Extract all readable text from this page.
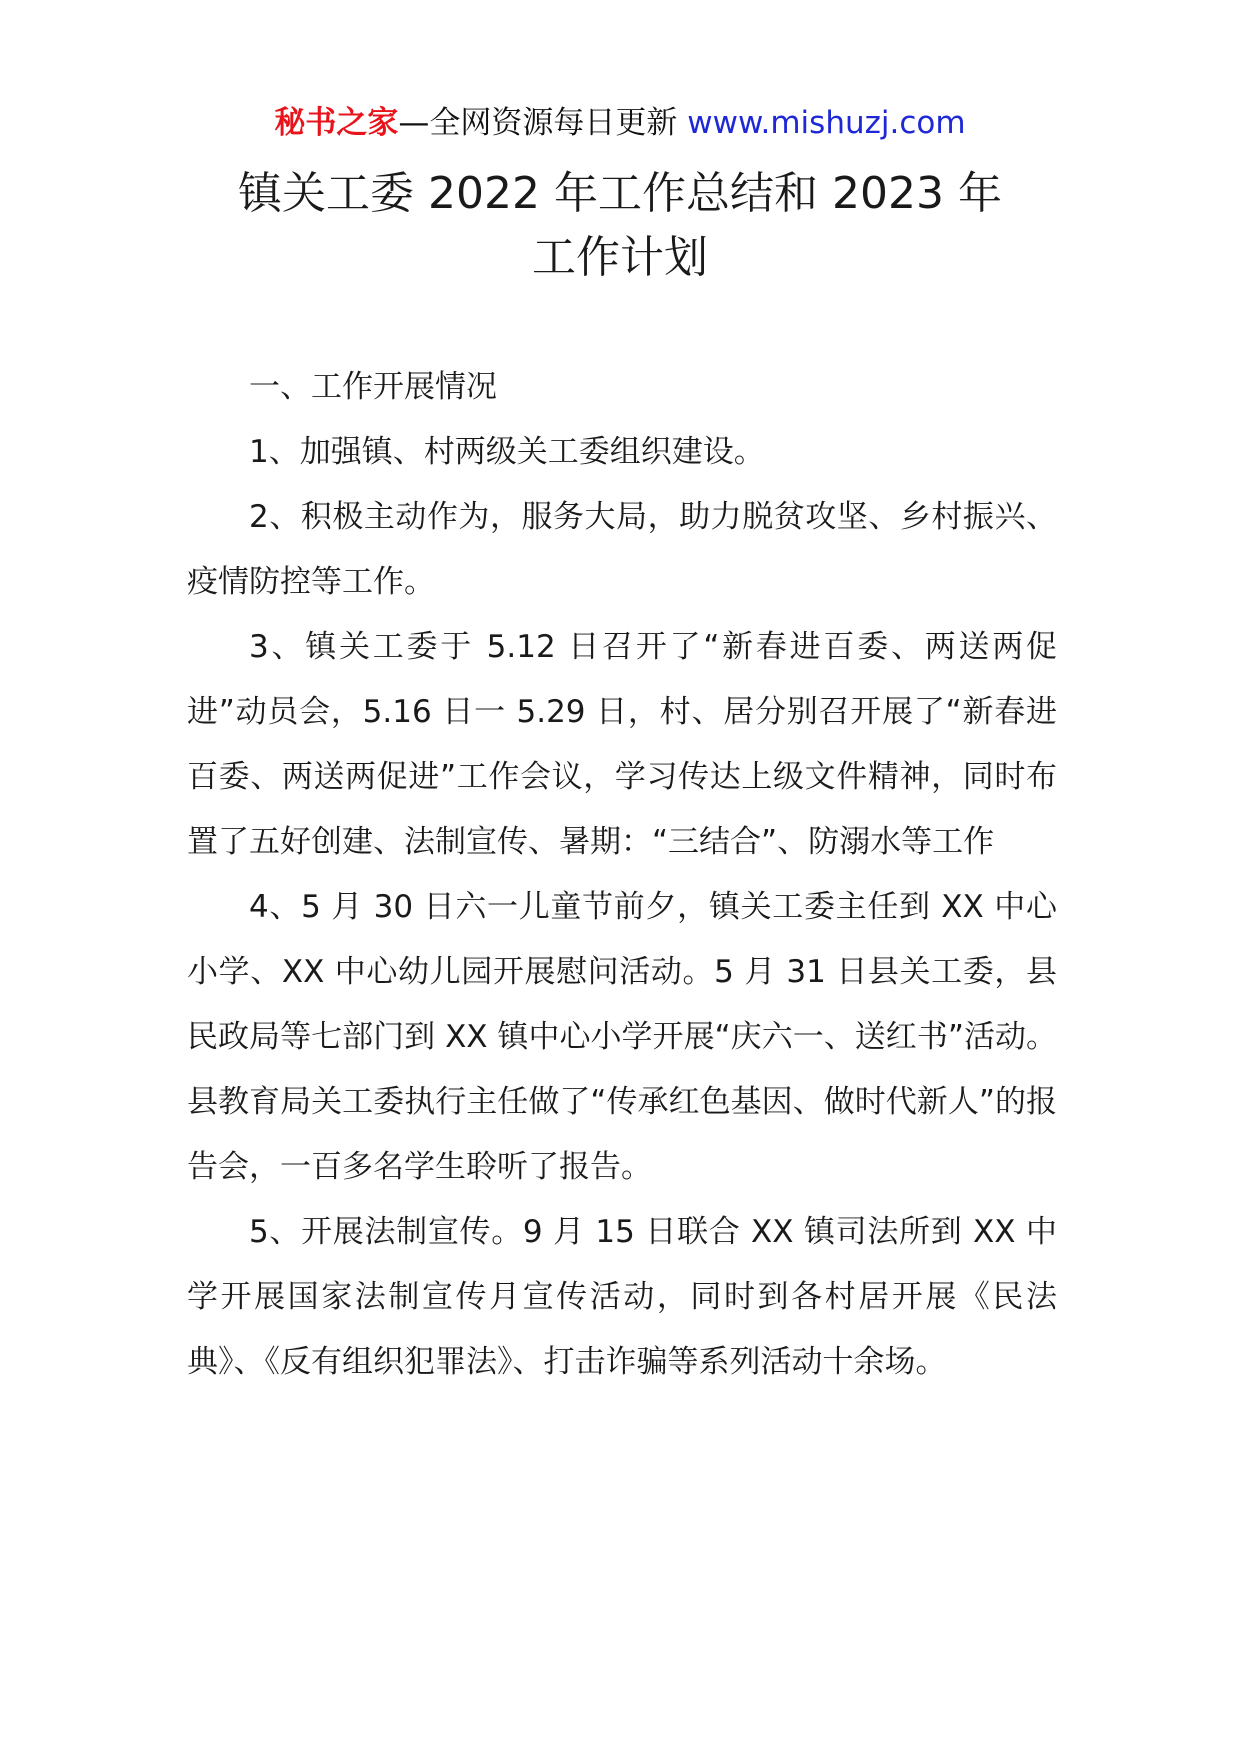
秘书之家—全网资源每日更新 www.mishuzj.com
镇关工委 2022 年工作总结和 2023 年
工作计划

一、工作开展情况

1、加强镇、村两级关工委组织建设。

2、积极主动作为，服务大局，助力脱贫攻坚、乡村振兴、疫情防控等工作。

3、镇关工委于 5.12 日召开了“新春进百委、两送两促进”动员会，5.16 日一 5.29 日，村、居分别召开展了“新春进百委、两送两促进”工作会议，学习传达上级文件精神，同时布置了五好创建、法制宣传、暑期：“三结合”、防溺水等工作

4、5 月 30 日六一儿童节前夕，镇关工委主任到 XX 中心小学、XX 中心幼儿园开展慰问活动。5 月 31 日县关工委，县民政局等七部门到 XX 镇中心小学开展“庆六一、送红书”活动。县教育局关工委执行主任做了“传承红色基因、做时代新人”的报告会，一百多名学生聆听了报告。

5、开展法制宣传。9 月 15 日联合 XX 镇司法所到 XX 中学开展国家法制宣传月宣传活动，同时到各村居开展《民法典》、《反有组织犯罪法》、打击诈骗等系列活动十余场。
